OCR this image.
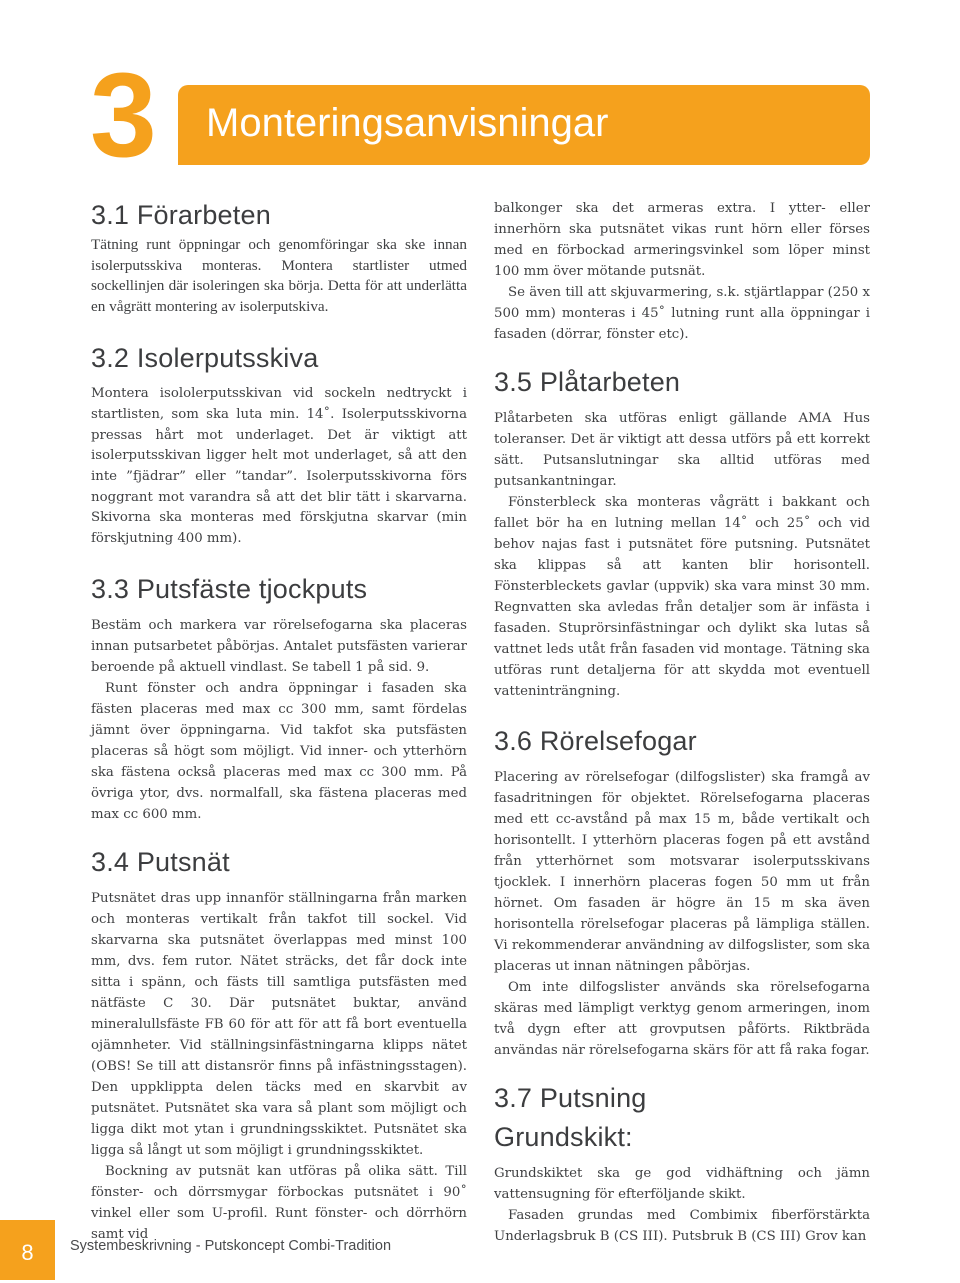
3 Monteringsanvisningar
3.1 Förarbeten

Tätning runt öppningar och genomföringar ska ske innan isolerputsskiva monteras. Montera startlister utmed sockellinjen där isoleringen ska börja. Detta för att underlätta en vågrätt montering av isolerputskiva.

3.2 Isolerputsskiva

Montera isololerputsskivan vid sockeln nedtryckt i startlisten, som ska luta min. 14˚. Isolerputsskivorna pressas hårt mot underlaget. Det är viktigt att isolerputsskivan ligger helt mot underlaget, så att den inte ”fjädrar” eller ”tandar”. Isolerputsskivorna förs noggrant mot varandra så att det blir tätt i skarvarna. Skivorna ska monteras med förskjutna skarvar (min förskjutning 400 mm).

3.3 Putsfäste tjockputs

Bestäm och markera var rörelsefogarna ska placeras innan putsarbetet påbörjas. Antalet putsfästen varierar beroende på aktuell vindlast. Se tabell 1 på sid. 9.

Runt fönster och andra öppningar i fasaden ska fästen placeras med max cc 300 mm, samt fördelas jämnt över öppningarna. Vid takfot ska putsfästen placeras så högt som möjligt. Vid inner- och ytterhörn ska fästena också placeras med max cc 300 mm. På övriga ytor, dvs. normalfall, ska fästena placeras med max cc 600 mm.

3.4 Putsnät

Putsnätet dras upp innanför ställningarna från marken och monteras vertikalt från takfot till sockel. Vid skarvarna ska putsnätet överlappas med minst 100 mm, dvs. fem rutor. Nätet sträcks, det får dock inte sitta i spänn, och fästs till samtliga putsfästen med nätfäste C 30. Där putsnätet buktar, använd mineralullsfäste FB 60 för att för att få bort eventuella ojämnheter. Vid ställningsinfästningarna klipps nätet (OBS! Se till att distansrör finns på infästningsstagen). Den uppklippta delen täcks med en skarvbit av putsnätet. Putsnätet ska vara så plant som möjligt och ligga dikt mot ytan i grundningsskiktet. Putsnätet ska ligga så långt ut som möjligt i grundningsskiktet.

Bockning av putsnät kan utföras på olika sätt. Till fönster- och dörrsmygar förbockas putsnätet i 90˚ vinkel eller som U-profil. Runt fönster- och dörrhörn samt vid

balkonger ska det armeras extra. I ytter- eller innerhörn ska putsnätet vikas runt hörn eller förses med en förbockad armeringsvinkel som löper minst 100 mm över mötande putsnät.

Se även till att skjuvarmering, s.k. stjärtlappar (250 x 500 mm) monteras i 45˚ lutning runt alla öppningar i fasaden (dörrar, fönster etc).

3.5 Plåtarbeten

Plåtarbeten ska utföras enligt gällande AMA Hus toleranser. Det är viktigt att dessa utförs på ett korrekt sätt. Putsanslutningar ska alltid utföras med putsankantningar.

Fönsterbleck ska monteras vågrätt i bakkant och fallet bör ha en lutning mellan 14˚ och 25˚ och vid behov najas fast i putsnätet före putsning. Putsnätet ska klippas så att kanten blir horisontell. Fönsterbleckets gavlar (uppvik) ska vara minst 30 mm. Regnvatten ska avledas från detaljer som är infästa i fasaden. Stuprörsinfästningar och dylikt ska lutas så vattnet leds utåt från fasaden vid montage. Tätning ska utföras runt detaljerna för att skydda mot eventuell vatteninträngning.

3.6 Rörelsefogar

Placering av rörelsefogar (dilfogslister) ska framgå av fasadritningen för objektet. Rörelsefogarna placeras med ett cc-avstånd på max 15 m, både vertikalt och horisontellt. I ytterhörn placeras fogen på ett avstånd från ytterhörnet som motsvarar isolerputsskivans tjocklek. I innerhörn placeras fogen 50 mm ut från hörnet. Om fasaden är högre än 15 m ska även horisontella rörelsefogar placeras på lämpliga ställen. Vi rekommenderar användning av dilfogslister, som ska placeras ut innan nätningen påbörjas.

Om inte dilfogslister används ska rörelsefogarna skäras med lämpligt verktyg genom armeringen, inom två dygn efter att grovputsen påförts. Riktbräda användas när rörelsefogarna skärs för att få raka fogar.

3.7 Putsning
Grundskikt:

Grundskiktet ska ge god vidhäftning och jämn vattensugning för efterföljande skikt.

Fasaden grundas med Combimix fiberförstärkta Underlagsbruk B (CS III). Putsbruk B (CS III) Grov kan

8	Systembeskrivning - Putskoncept Combi-Tradition
